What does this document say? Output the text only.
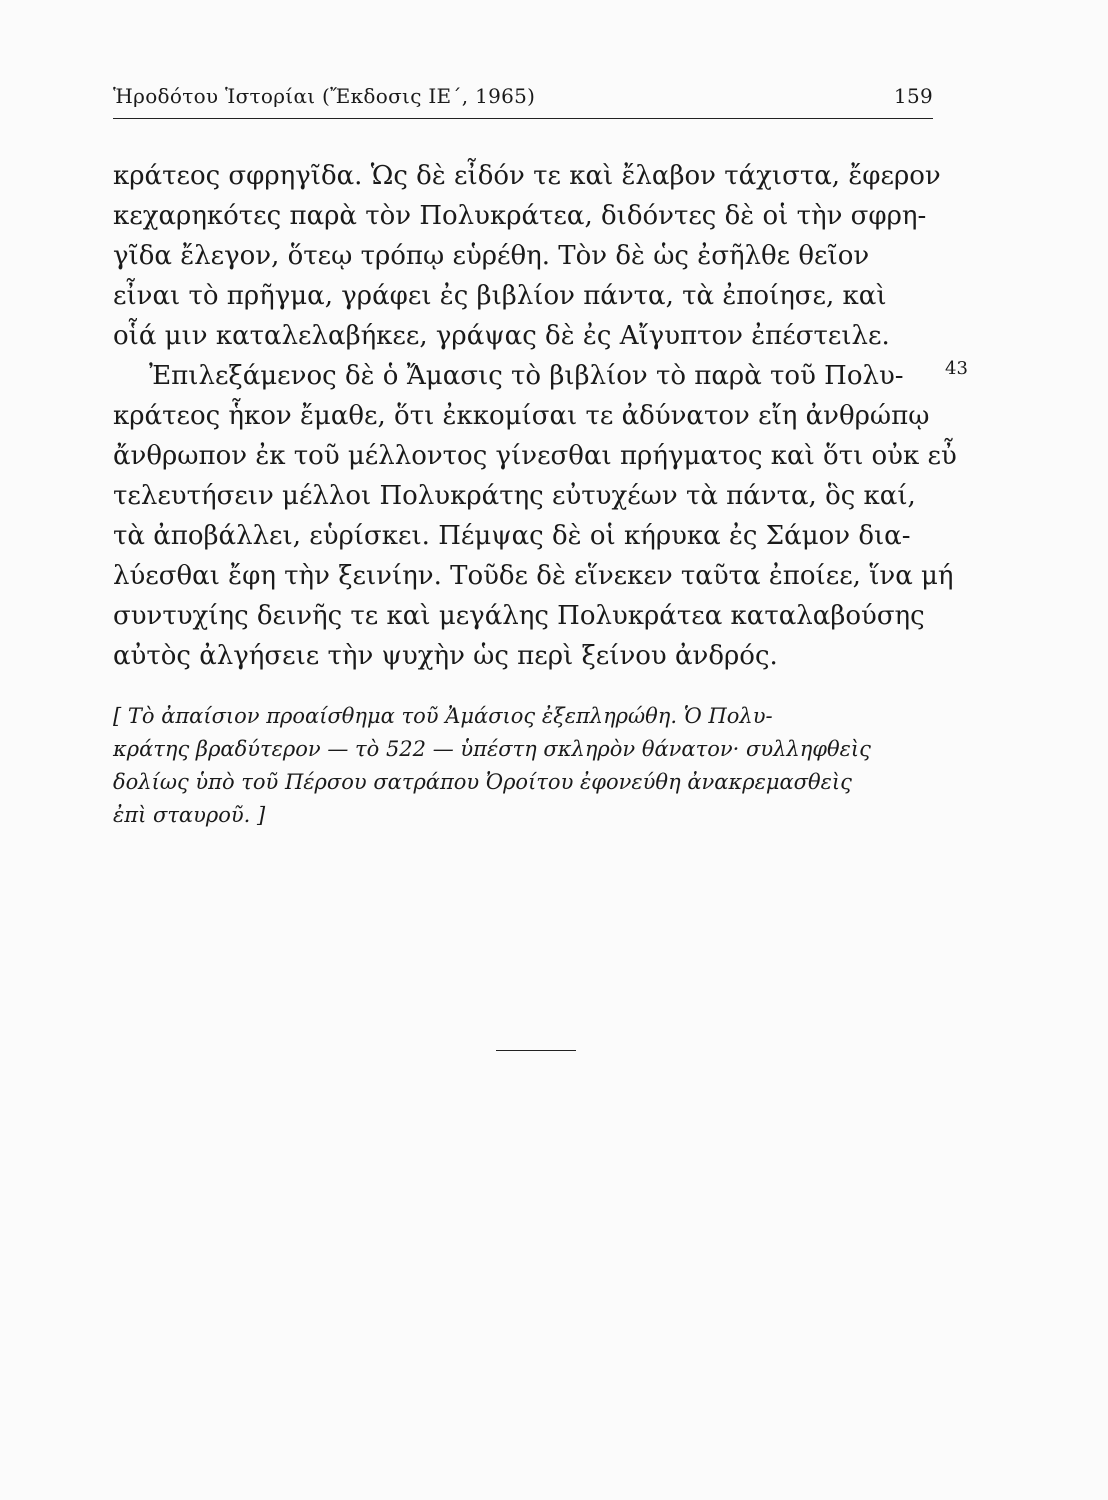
Ἡροδότου Ἱστορίαι (Ἔκδοσις ΙΕ΄, 1965)	159
κράτεος σφρηγῖδα. Ὡς δὲ εἶδόν τε καὶ ἔλαβον τάχιστα, ἔφερον
κεχαρηκότες παρὰ τὸν Πολυκράτεα, διδόντες δὲ οἱ τὴν σφρη-
γῖδα ἔλεγον, ὅτεῳ τρόπῳ εὑρέθη. Τὸν δὲ ὡς ἐσῆλθε θεῖον
εἶναι τὸ πρῆγμα, γράφει ἐς βιβλίον πάντα, τὰ ἐποίησε, καὶ
οἷά μιν καταλελαβήκεε, γράψας δὲ ἐς Αἴγυπτον ἐπέστειλε.
Ἐπιλεξάμενος δὲ ὁ Ἄμασις τὸ βιβλίον τὸ παρὰ τοῦ Πολυ-
κράτεος ἧκον ἔμαθε, ὅτι ἐκκομίσαι τε ἀδύνατον εἴη ἀνθρώπῳ
ἄνθρωπον ἐκ τοῦ μέλλοντος γίνεσθαι πρήγματος καὶ ὅτι οὐκ εὖ
τελευτήσειν μέλλοι Πολυκράτης εὐτυχέων τὰ πάντα, ὃς καί,
τὰ ἀποβάλλει, εὑρίσκει. Πέμψας δὲ οἱ κήρυκα ἐς Σάμον δια-
λύεσθαι ἔφη τὴν ξεινίην. Τοῦδε δὲ εἵνεκεν ταῦτα ἐποίεε, ἵνα μή
συντυχίης δεινῆς τε καὶ μεγάλης Πολυκράτεα καταλαβούσης
αὐτὸς ἀλγήσειε τὴν ψυχὴν ὡς περὶ ξείνου ἀνδρός.
43
[ Τὸ ἀπαίσιον προαίσθημα τοῦ Ἀμάσιος ἐξεπληρώθη. Ὁ Πολυ-
κράτης βραδύτερον — τὸ 522 — ὑπέστη σκληρὸν θάνατον· συλληφθεὶς
δολίως ὑπὸ τοῦ Πέρσου σατράπου Ὀροίτου ἐφονεύθη ἀνακρεμασθεὶς
ἐπὶ σταυροῦ. ]
